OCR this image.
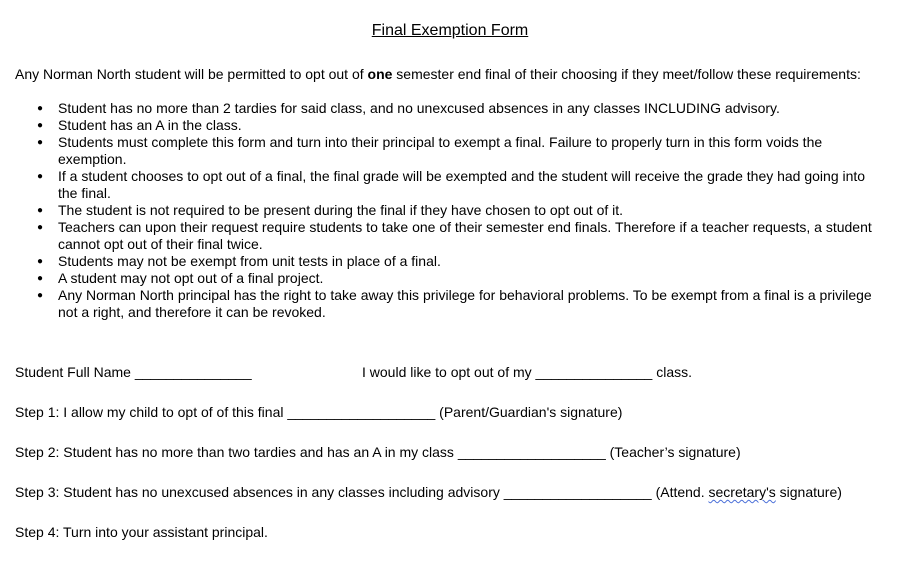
Final Exemption Form
Any Norman North student will be permitted to opt out of one semester end final of their choosing if they meet/follow these requirements:
● Student has no more than 2 tardies for said class, and no unexcused absences in any classes INCLUDING advisory.
● Student has an A in the class.
● Students must complete this form and turn into their principal to exempt a final. Failure to properly turn in this form voids the exemption.
● If a student chooses to opt out of a final, the final grade will be exempted and the student will receive the grade they had going into the final.
● The student is not required to be present during the final if they have chosen to opt out of it.
● Teachers can upon their request require students to take one of their semester end finals. Therefore if a teacher requests, a student cannot opt out of their final twice.
● Students may not be exempt from unit tests in place of a final.
● A student may not opt out of a final project.
● Any Norman North principal has the right to take away this privilege for behavioral problems. To be exempt from a final is a privilege not a right, and therefore it can be revoked.
Student Full Name _______________	I would like to opt out of my _______________ class.
Step 1: I allow my child to opt of of this final ___________________ (Parent/Guardian's signature)
Step 2: Student has no more than two tardies and has an A in my class ___________________ (Teacher’s signature)
Step 3: Student has no unexcused absences in any classes including advisory ___________________ (Attend. secretary's signature)
Step 4: Turn into your assistant principal.
